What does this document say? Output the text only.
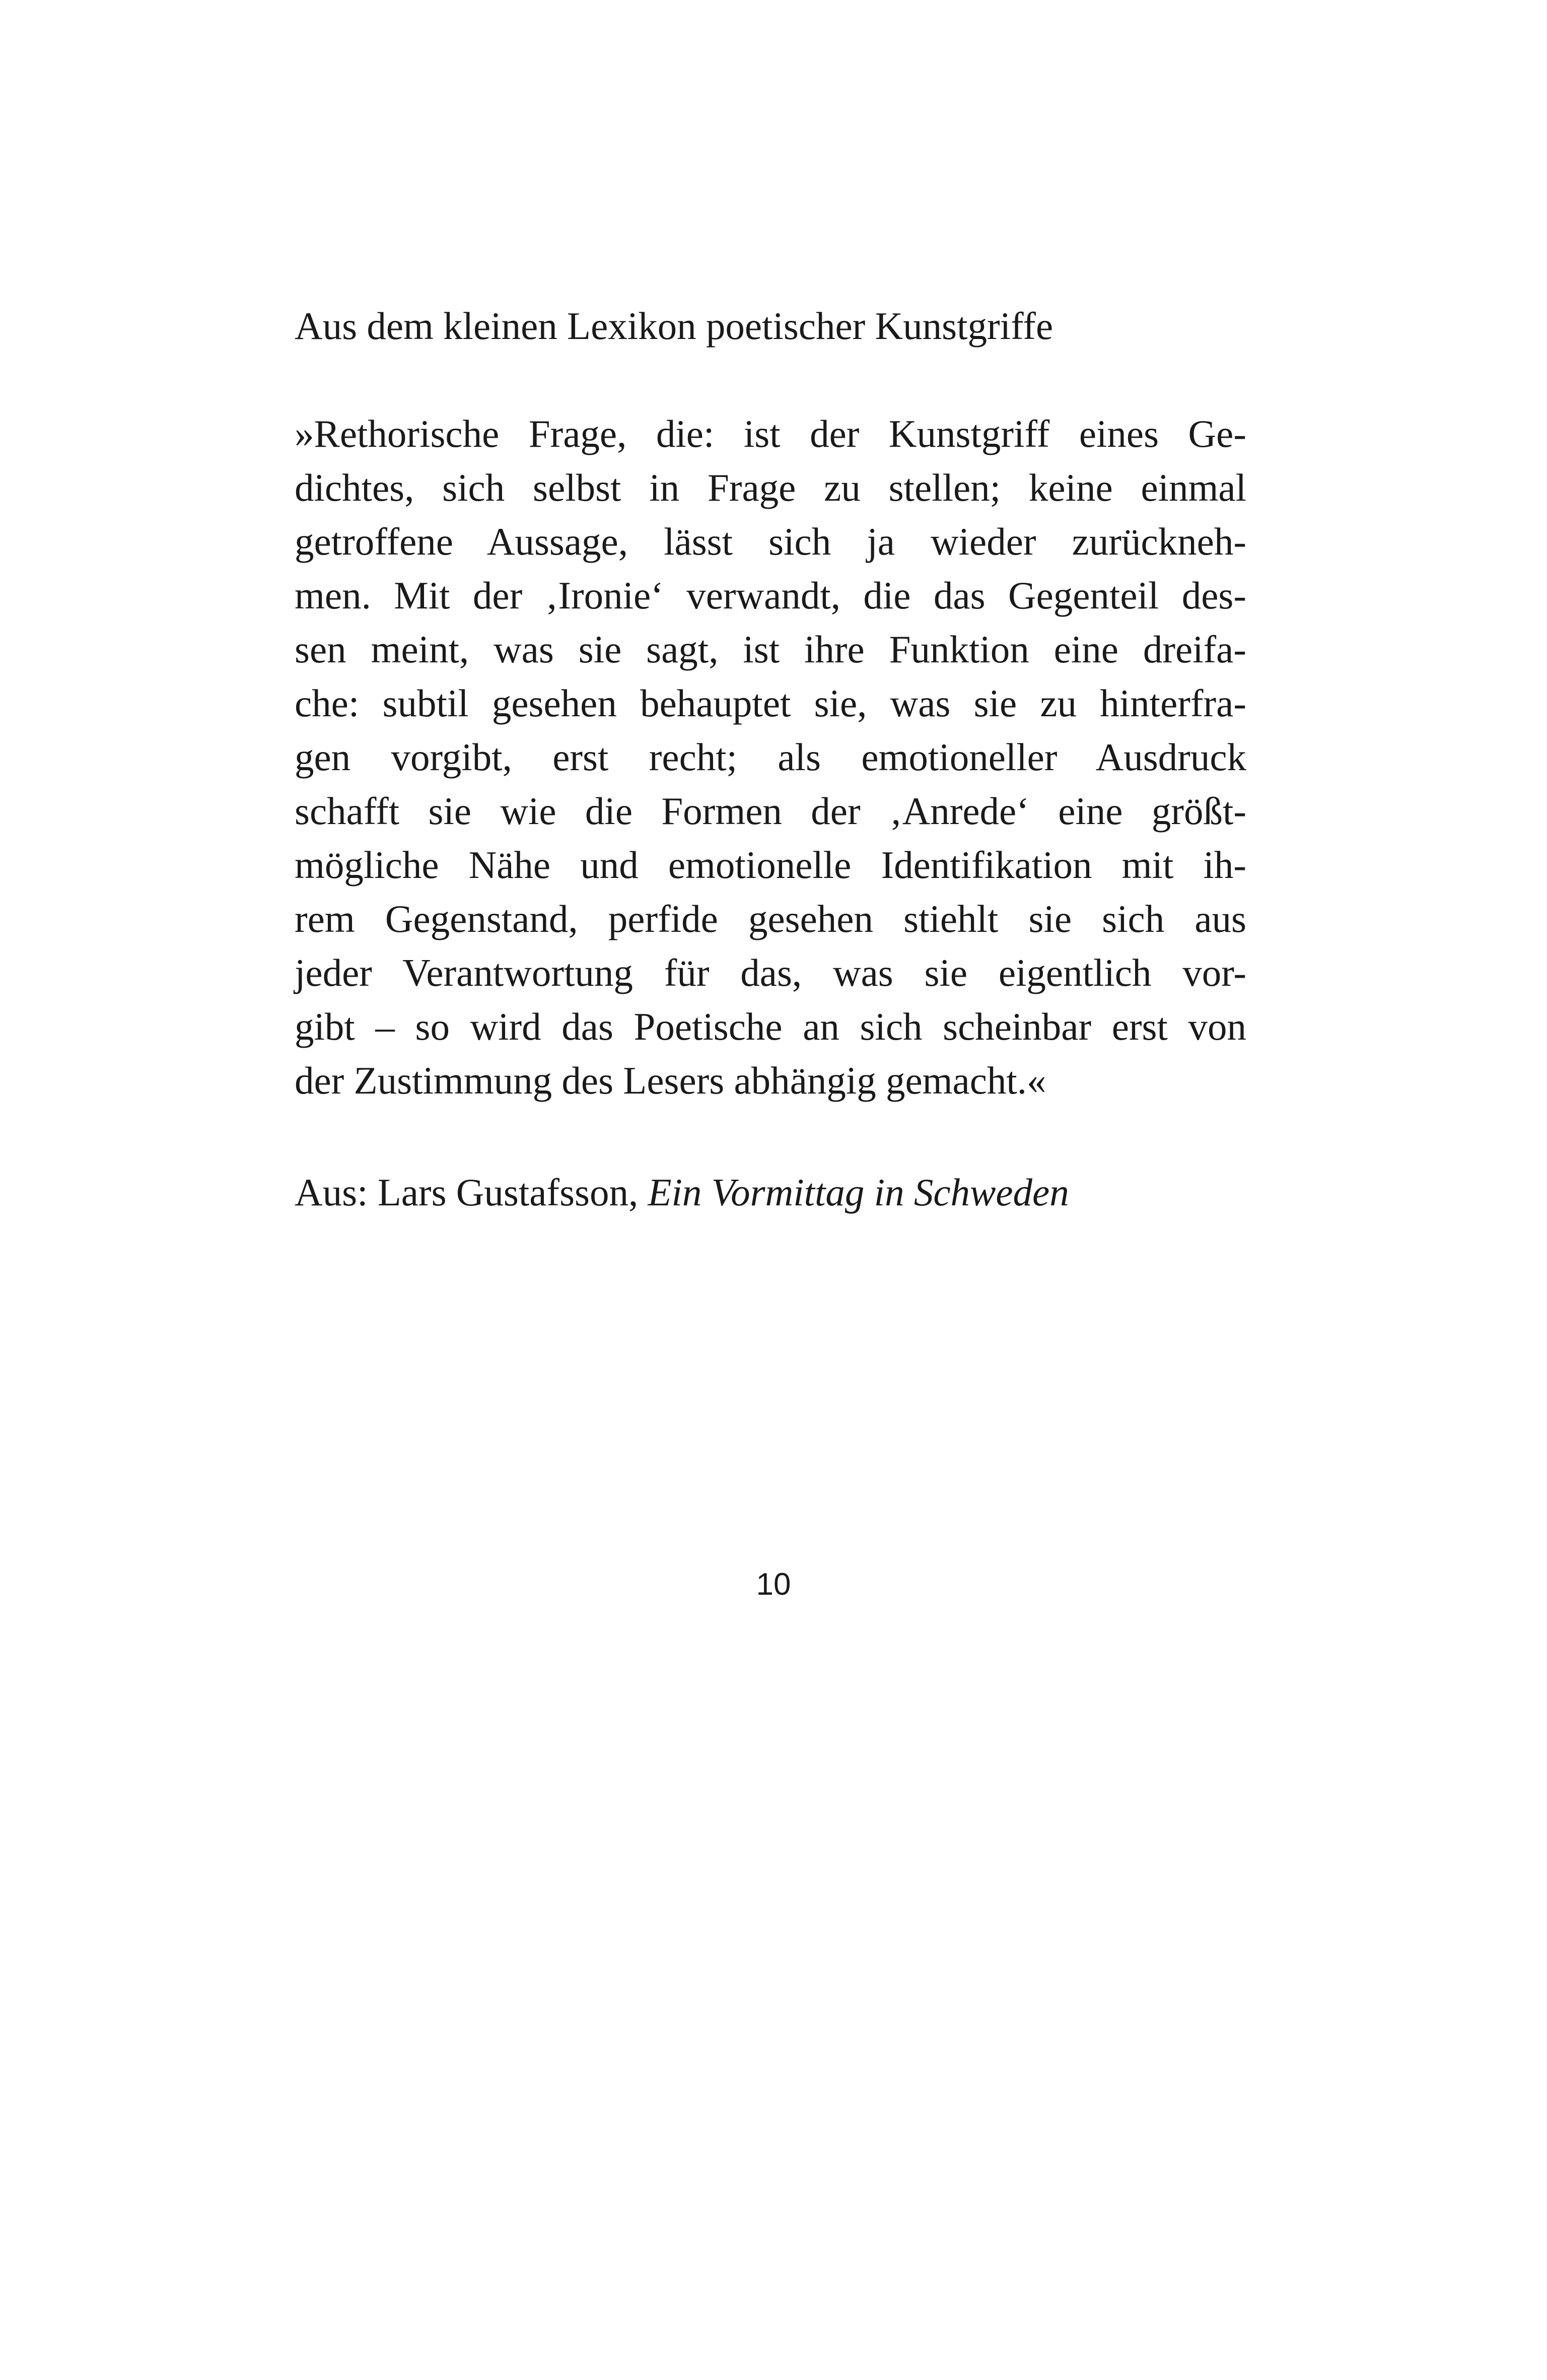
Aus dem kleinen Lexikon poetischer Kunstgriffe
»Rethorische Frage, die: ist der Kunstgriff eines Ge-
dichtes, sich selbst in Frage zu stellen; keine einmal
getroffene Aussage, lässt sich ja wieder zurückneh-
men. Mit der ‚Ironie‘ verwandt, die das Gegenteil des-
sen meint, was sie sagt, ist ihre Funktion eine dreifa-
che: subtil gesehen behauptet sie, was sie zu hinterfra-
gen vorgibt, erst recht; als emotioneller Ausdruck
schafft sie wie die Formen der ‚Anrede‘ eine größt-
mögliche Nähe und emotionelle Identifikation mit ih-
rem Gegenstand, perfide gesehen stiehlt sie sich aus
jeder Verantwortung für das, was sie eigentlich vor-
gibt – so wird das Poetische an sich scheinbar erst von
der Zustimmung des Lesers abhängig gemacht.«
Aus: Lars Gustafsson, Ein Vormittag in Schweden
10
